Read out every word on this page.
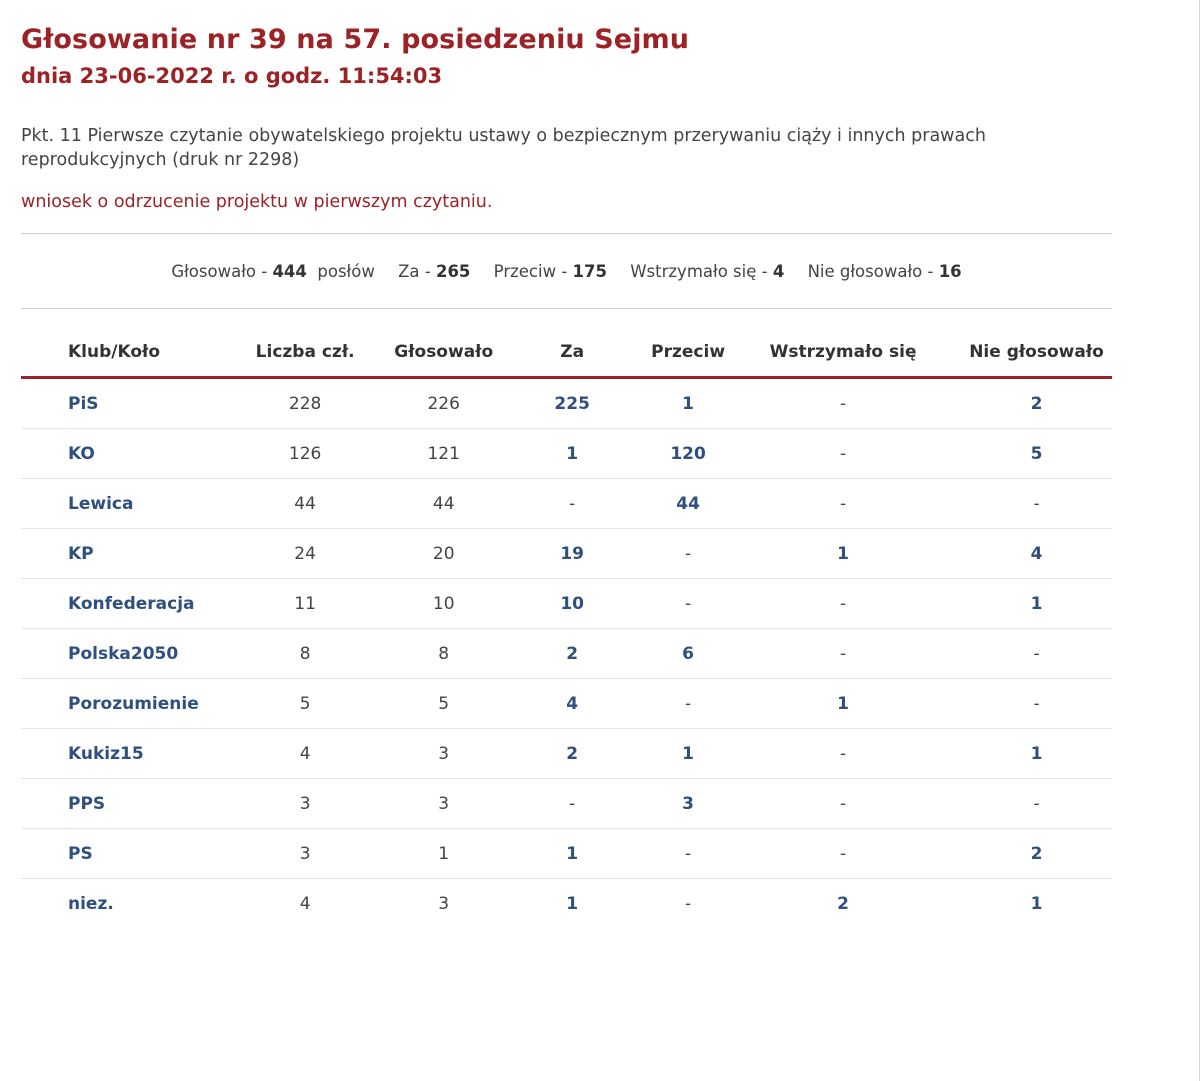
Głosowanie nr 39 na 57. posiedzeniu Sejmu
dnia 23-06-2022 r. o godz. 11:54:03

Pkt. 11 Pierwsze czytanie obywatelskiego projektu ustawy o bezpiecznym przerywaniu ciąży i innych prawach reprodukcyjnych (druk nr 2298)

wniosek o odrzucenie projektu w pierwszym czytaniu.

Głosowało - 444 posłów Za - 265 Przeciw - 175 Wstrzymało się - 4 Nie głosowało - 16
Klub/Koło	Liczba czł.	Głosowało	Za	Przeciw	Wstrzymało się	Nie głosowało
PiS	228	226	225	1	-	2
KO	126	121	1	120	-	5
Lewica	44	44	-	44	-	-
KP	24	20	19	-	1	4
Konfederacja	11	10	10	-	-	1
Polska2050	8	8	2	6	-	-
Porozumienie	5	5	4	-	1	-
Kukiz15	4	3	2	1	-	1
PPS	3	3	-	3	-	-
PS	3	1	1	-	-	2
niez.	4	3	1	-	2	1
